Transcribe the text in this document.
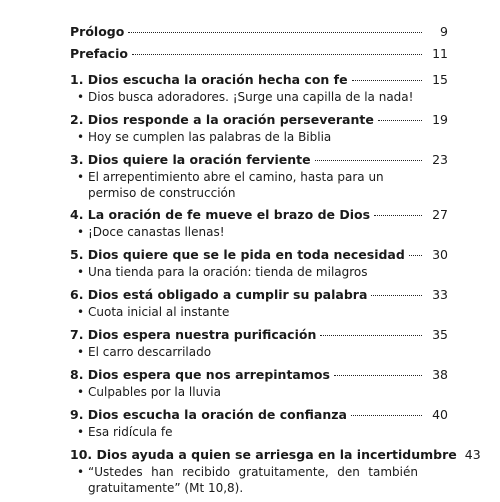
Prólogo	9
Prefacio	11
1. Dios escucha la oración hecha con fe	15
• Dios busca adoradores. ¡Surge una capilla de la nada!
2. Dios responde a la oración perseverante	19
• Hoy se cumplen las palabras de la Biblia
3. Dios quiere la oración ferviente	23
• El arrepentimiento abre el camino, hasta para un permiso de construcción
4. La oración de fe mueve el brazo de Dios	27
• ¡Doce canastas llenas!
5. Dios quiere que se le pida en toda necesidad	30
• Una tienda para la oración: tienda de milagros
6. Dios está obligado a cumplir su palabra	33
• Cuota inicial al instante
7. Dios espera nuestra purificación	35
• El carro descarrilado
8. Dios espera que nos arrepintamos	38
• Culpables por la lluvia
9. Dios escucha la oración de confianza	40
• Esa ridícula fe
10. Dios ayuda a quien se arriesga en la incertidumbre 43
• “Ustedes han recibido gratuitamente, den también gratuitamente” (Mt 10,8).
